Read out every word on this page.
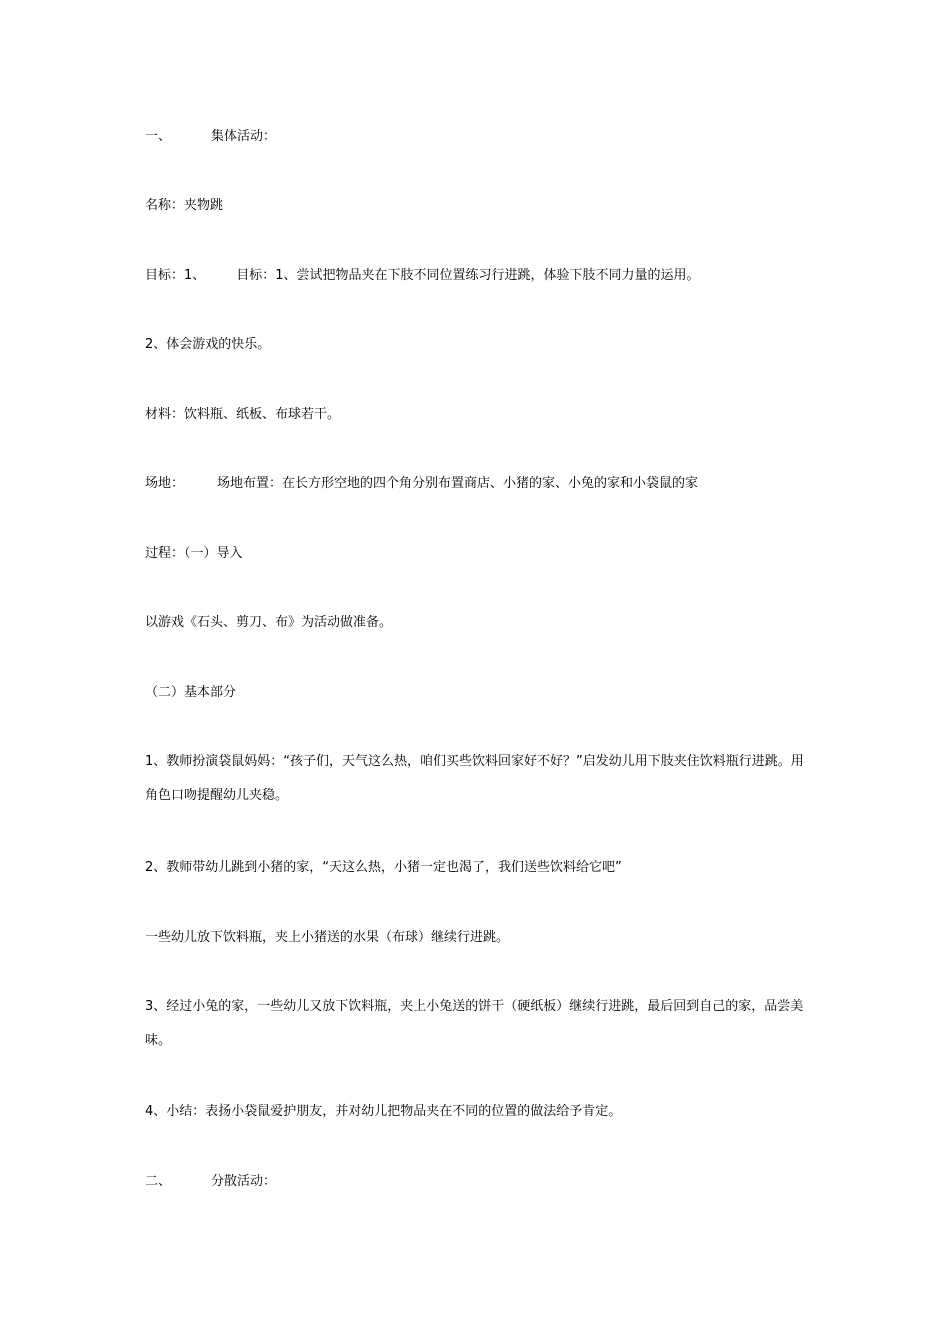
一、	集体活动：
名称：夹物跳
目标：1、 目标：1、尝试把物品夹在下肢不同位置练习行进跳，体验下肢不同力量的运用。
2、体会游戏的快乐。
材料：饮料瓶、纸板、布球若干。
场地：	场地布置：在长方形空地的四个角分别布置商店、小猪的家、小兔的家和小袋鼠的家
过程：（一）导入
以游戏《石头、剪刀、布》为活动做准备。
（二）基本部分
1、教师扮演袋鼠妈妈：“孩子们，天气这么热，咱们买些饮料回家好不好？”启发幼儿用下肢夹住饮料瓶行进跳。用角色口吻提醒幼儿夹稳。
2、教师带幼儿跳到小猪的家，“天这么热，小猪一定也渴了，我们送些饮料给它吧”
一些幼儿放下饮料瓶，夹上小猪送的水果（布球）继续行进跳。
3、经过小兔的家，一些幼儿又放下饮料瓶，夹上小兔送的饼干（硬纸板）继续行进跳，最后回到自己的家，品尝美味。
4、小结：表扬小袋鼠爱护朋友，并对幼儿把物品夹在不同的位置的做法给予肯定。
二、	分散活动：
